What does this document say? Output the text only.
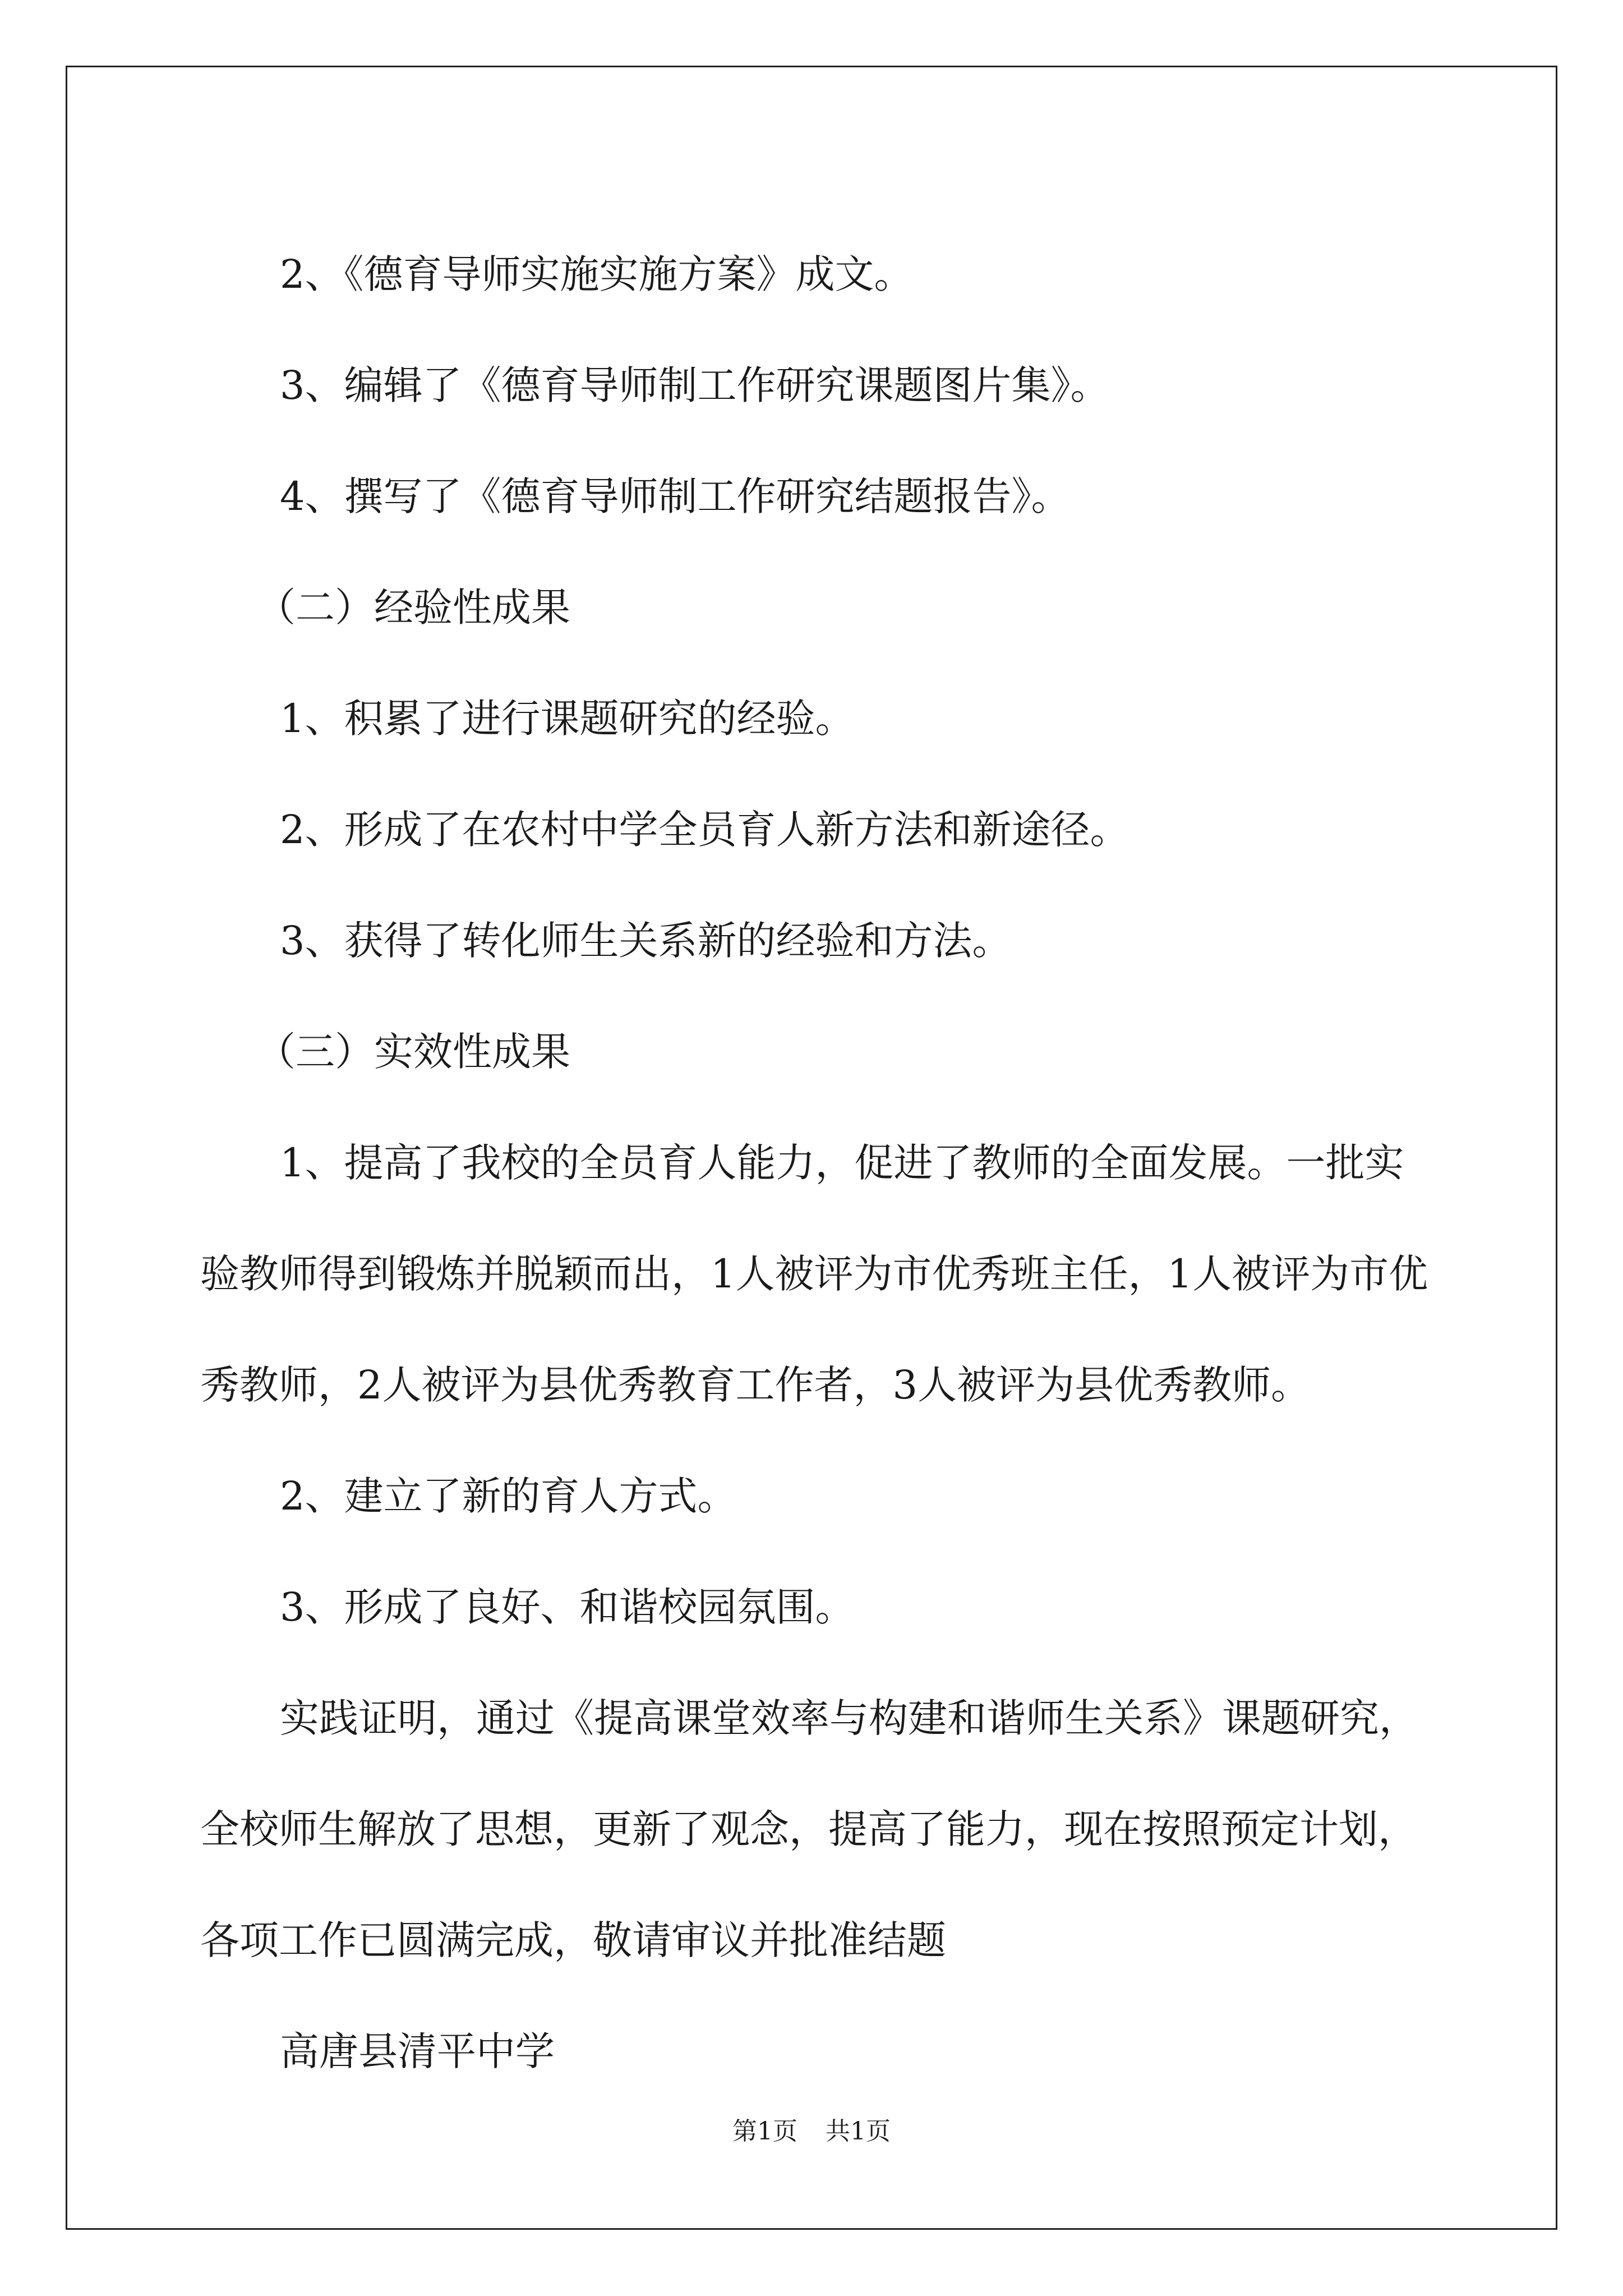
2、《德育导师实施实施方案》成文。

3、编辑了《德育导师制工作研究课题图片集》。

4、撰写了《德育导师制工作研究结题报告》。

（二）经验性成果

1、积累了进行课题研究的经验。

2、形成了在农村中学全员育人新方法和新途径。

3、获得了转化师生关系新的经验和方法。

（三）实效性成果

1、提高了我校的全员育人能力，促进了教师的全面发展。一批实验教师得到锻炼并脱颖而出，1人被评为市优秀班主任，1人被评为市优秀教师，2人被评为县优秀教育工作者，3人被评为县优秀教师。

2、建立了新的育人方式。

3、形成了良好、和谐校园氛围。

实践证明，通过《提高课堂效率与构建和谐师生关系》课题研究，全校师生解放了思想，更新了观念，提高了能力，现在按照预定计划，各项工作已圆满完成，敬请审议并批准结题

高唐县清平中学

第1页 共1页
